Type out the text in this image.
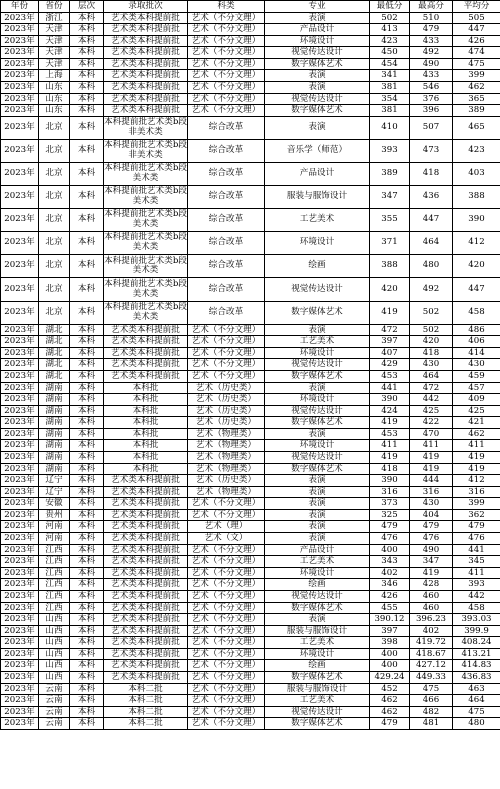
年份	省份	层次	录取批次	科类	专业	最低分	最高分	平均分
2023年	浙江	本科	艺术类本科提前批	艺术（不分文理）	表演	502	510	505
2023年	天津	本科	艺术类本科提前批	艺术（不分文理）	产品设计	413	479	447
2023年	天津	本科	艺术类本科提前批	艺术（不分文理）	环境设计	423	433	426
2023年	天津	本科	艺术类本科提前批	艺术（不分文理）	视觉传达设计	450	492	474
2023年	天津	本科	艺术类本科提前批	艺术（不分文理）	数字媒体艺术	454	490	475
2023年	上海	本科	艺术类本科提前批	艺术（不分文理）	表演	341	433	399
2023年	山东	本科	艺术类本科提前批	艺术（不分文理）	表演	381	546	462
2023年	山东	本科	艺术类本科提前批	艺术（不分文理）	视觉传达设计	354	376	365
2023年	山东	本科	艺术类本科提前批	艺术（不分文理）	数字媒体艺术	381	396	389
2023年	北京	本科	本科提前批艺术类b段非美术类	综合改革	表演	410	507	465
2023年	北京	本科	本科提前批艺术类b段非美术类	综合改革	音乐学（师范）	393	473	423
2023年	北京	本科	本科提前批艺术类b段美术类	综合改革	产品设计	389	418	403
2023年	北京	本科	本科提前批艺术类b段美术类	综合改革	服装与服饰设计	347	436	388
2023年	北京	本科	本科提前批艺术类b段美术类	综合改革	工艺美术	355	447	390
2023年	北京	本科	本科提前批艺术类b段美术类	综合改革	环境设计	371	464	412
2023年	北京	本科	本科提前批艺术类b段美术类	综合改革	绘画	388	480	420
2023年	北京	本科	本科提前批艺术类b段美术类	综合改革	视觉传达设计	420	492	447
2023年	北京	本科	本科提前批艺术类b段美术类	综合改革	数字媒体艺术	419	502	458
2023年	湖北	本科	艺术类本科提前批	艺术（不分文理）	表演	472	502	486
2023年	湖北	本科	艺术类本科提前批	艺术（不分文理）	工艺美术	397	420	406
2023年	湖北	本科	艺术类本科提前批	艺术（不分文理）	环境设计	407	418	414
2023年	湖北	本科	艺术类本科提前批	艺术（不分文理）	视觉传达设计	429	430	430
2023年	湖北	本科	艺术类本科提前批	艺术（不分文理）	数字媒体艺术	453	464	459
2023年	湖南	本科	本科批	艺术（历史类）	表演	441	472	457
2023年	湖南	本科	本科批	艺术（历史类）	环境设计	390	442	409
2023年	湖南	本科	本科批	艺术（历史类）	视觉传达设计	424	425	425
2023年	湖南	本科	本科批	艺术（历史类）	数字媒体艺术	419	422	421
2023年	湖南	本科	本科批	艺术（物理类）	表演	453	470	462
2023年	湖南	本科	本科批	艺术（物理类）	环境设计	411	411	411
2023年	湖南	本科	本科批	艺术（物理类）	视觉传达设计	419	419	419
2023年	湖南	本科	本科批	艺术（物理类）	数字媒体艺术	418	419	419
2023年	辽宁	本科	艺术类本科提前批	艺术（历史类）	表演	390	444	412
2023年	辽宁	本科	艺术类本科提前批	艺术（物理类）	表演	316	316	316
2023年	安徽	本科	艺术类本科提前批	艺术（不分文理）	表演	373	430	399
2023年	贵州	本科	艺术类本科提前批	艺术（不分文理）	表演	325	404	362
2023年	河南	本科	艺术类本科提前批	艺术（理）	表演	479	479	479
2023年	河南	本科	艺术类本科提前批	艺术（文）	表演	476	476	476
2023年	江西	本科	艺术类本科提前批	艺术（不分文理）	产品设计	400	490	441
2023年	江西	本科	艺术类本科提前批	艺术（不分文理）	工艺美术	343	347	345
2023年	江西	本科	艺术类本科提前批	艺术（不分文理）	环境设计	402	419	411
2023年	江西	本科	艺术类本科提前批	艺术（不分文理）	绘画	346	428	393
2023年	江西	本科	艺术类本科提前批	艺术（不分文理）	视觉传达设计	426	460	442
2023年	江西	本科	艺术类本科提前批	艺术（不分文理）	数字媒体艺术	455	460	458
2023年	山西	本科	艺术类本科提前批	艺术（不分文理）	表演	390.12	396.23	393.03
2023年	山西	本科	艺术类本科提前批	艺术（不分文理）	服装与服饰设计	397	402	399.9
2023年	山西	本科	艺术类本科提前批	艺术（不分文理）	工艺美术	398	419.72	408.24
2023年	山西	本科	艺术类本科提前批	艺术（不分文理）	环境设计	400	418.67	413.21
2023年	山西	本科	艺术类本科提前批	艺术（不分文理）	绘画	400	427.12	414.83
2023年	山西	本科	艺术类本科提前批	艺术（不分文理）	数字媒体艺术	429.24	449.33	436.83
2023年	云南	本科	本科二批	艺术（不分文理）	服装与服饰设计	452	475	463
2023年	云南	本科	本科二批	艺术（不分文理）	工艺美术	462	466	464
2023年	云南	本科	本科二批	艺术（不分文理）	视觉传达设计	462	482	475
2023年	云南	本科	本科二批	艺术（不分文理）	数字媒体艺术	479	481	480
